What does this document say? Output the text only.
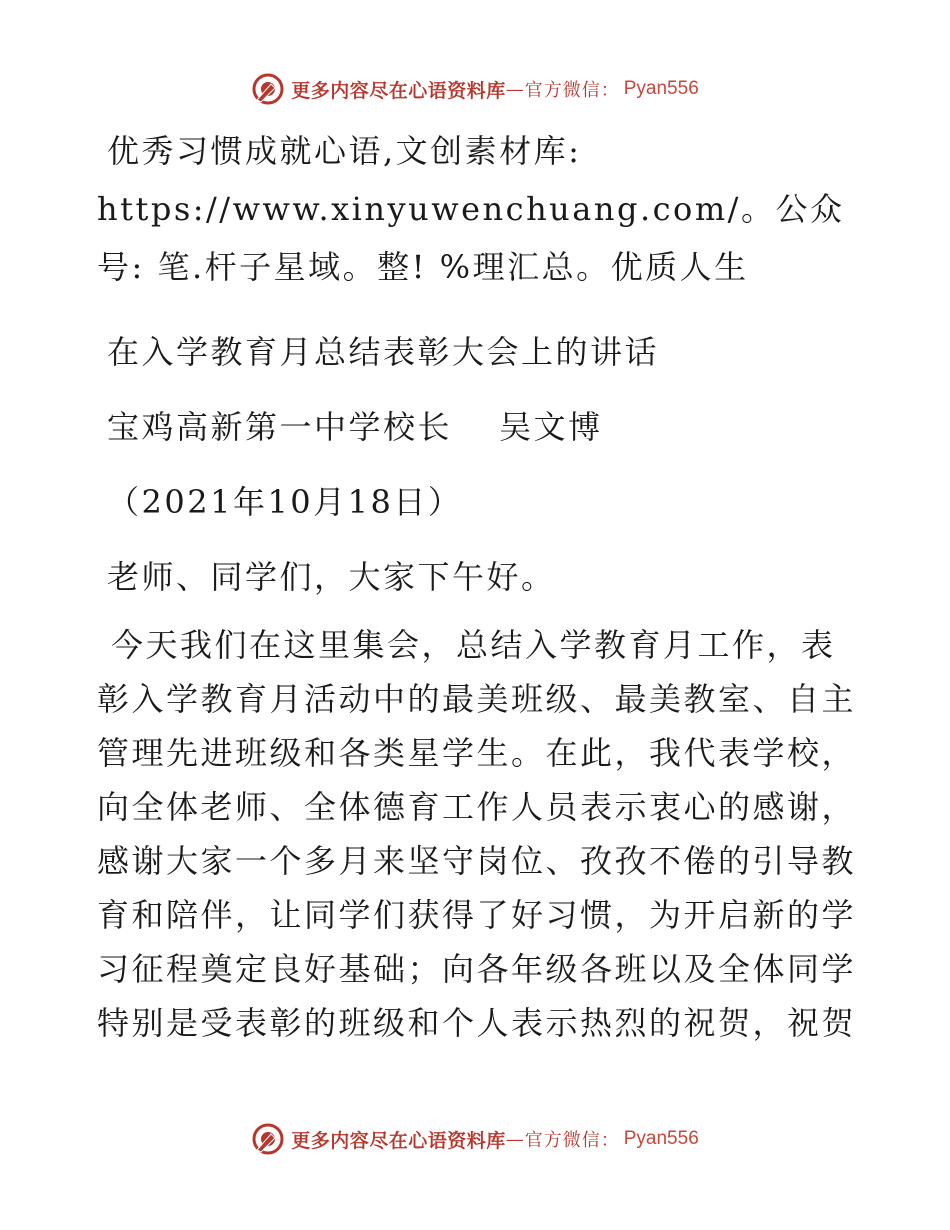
更多内容尽在心语资料库 — 官方微信： Pyan556

优秀习惯成就心语,文创素材库: https://www.xinyuwenchuang.com/。公众号: 笔.杆子星域。整! %理汇总。优质人生

在入学教育月总结表彰大会上的讲话

宝鸡高新第一中学校长　 吴文博

（2021年10月18日）

老师、同学们，大家下午好。

今天我们在这里集会，总结入学教育月工作，表彰入学教育月活动中的最美班级、最美教室、自主管理先进班级和各类星学生。在此，我代表学校，向全体老师、全体德育工作人员表示衷心的感谢，感谢大家一个多月来坚守岗位、孜孜不倦的引导教育和陪伴，让同学们获得了好习惯，为开启新的学习征程奠定良好基础；向各年级各班以及全体同学特别是受表彰的班级和个人表示热烈的祝贺，祝贺

更多内容尽在心语资料库 — 官方微信： Pyan556
